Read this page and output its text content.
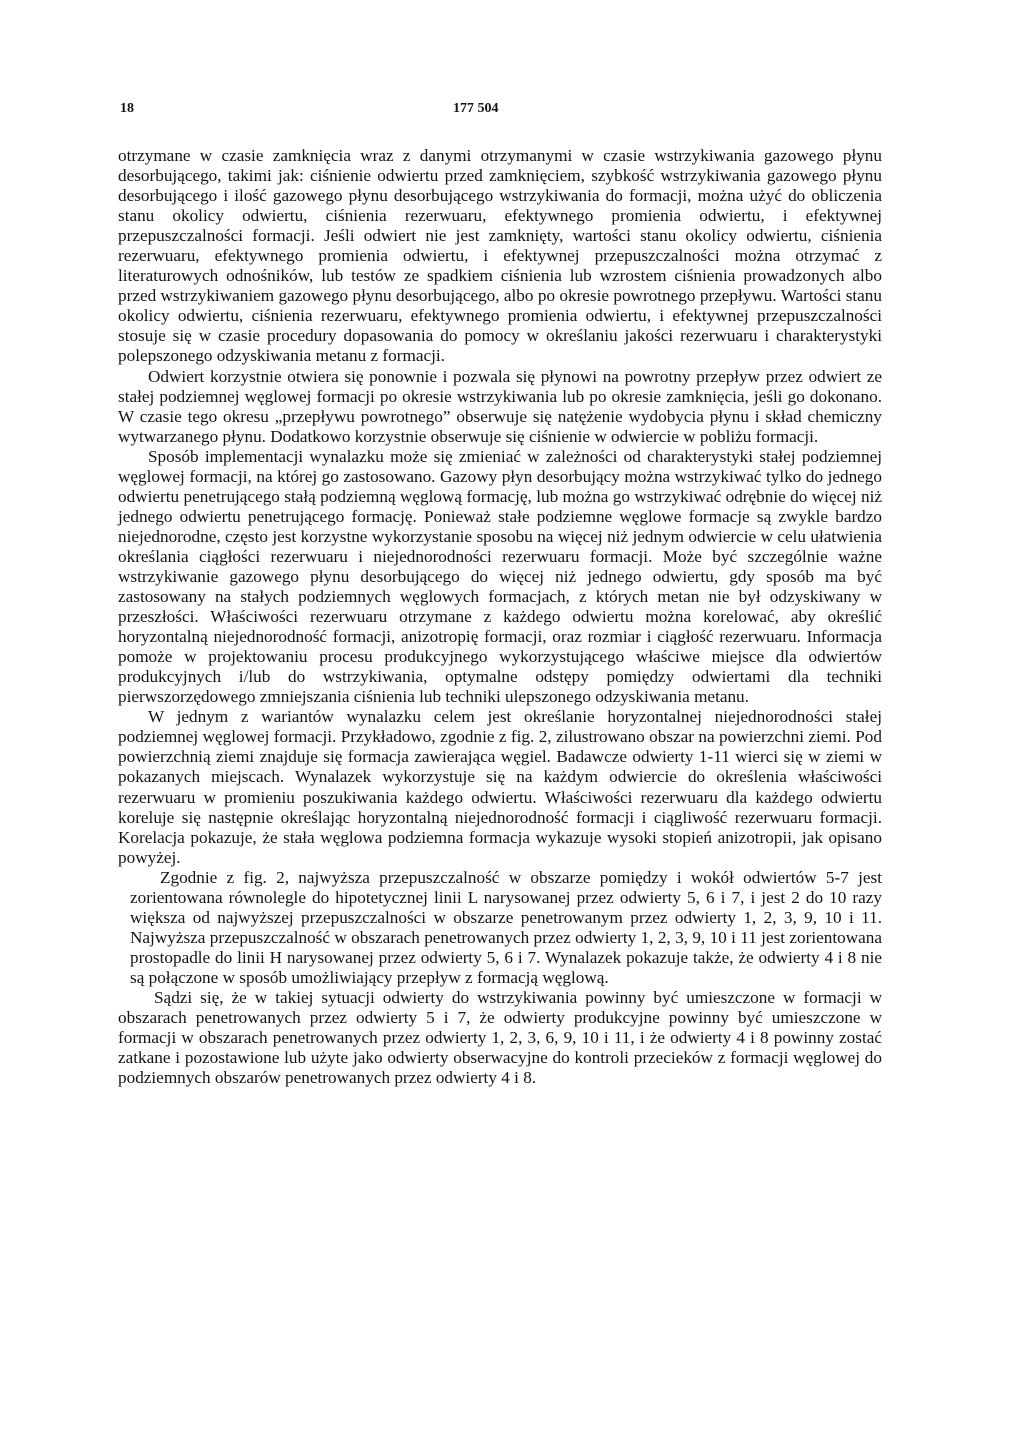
18	177 504

otrzymane w czasie zamknięcia wraz z danymi otrzymanymi w czasie wstrzykiwania gazowego płynu desorbującego, takimi jak: ciśnienie odwiertu przed zamknięciem, szybkość wstrzykiwania gazowego płynu desorbującego i ilość gazowego płynu desorbującego wstrzykiwania do formacji, można użyć do obliczenia stanu okolicy odwiertu, ciśnienia rezerwuaru, efektywnego promienia odwiertu, i efektywnej przepuszczalności formacji. Jeśli odwiert nie jest zamknięty, wartości stanu okolicy odwiertu, ciśnienia rezerwuaru, efektywnego promienia odwiertu, i efektywnej przepuszczalności można otrzymać z literaturowych odnośników, lub testów ze spadkiem ciśnienia lub wzrostem ciśnienia prowadzonych albo przed wstrzykiwaniem gazowego płynu desorbującego, albo po okresie powrotnego przepływu. Wartości stanu okolicy odwiertu, ciśnienia rezerwuaru, efektywnego promienia odwiertu, i efektywnej przepuszczalności stosuje się w czasie procedury dopasowania do pomocy w określaniu jakości rezerwuaru i charakterystyki polepszonego odzyskiwania metanu z formacji.

Odwiert korzystnie otwiera się ponownie i pozwala się płynowi na powrotny przepływ przez odwiert ze stałej podziemnej węglowej formacji po okresie wstrzykiwania lub po okresie zamknięcia, jeśli go dokonano. W czasie tego okresu „przepływu powrotnego” obserwuje się natężenie wydobycia płynu i skład chemiczny wytwarzanego płynu. Dodatkowo korzystnie obserwuje się ciśnienie w odwiercie w pobliżu formacji.

Sposób implementacji wynalazku może się zmieniać w zależności od charakterystyki stałej podziemnej węglowej formacji, na której go zastosowano. Gazowy płyn desorbujący można wstrzykiwać tylko do jednego odwiertu penetrującego stałą podziemną węglową formację, lub można go wstrzykiwać odrębnie do więcej niż jednego odwiertu penetrującego formację. Ponieważ stałe podziemne węglowe formacje są zwykle bardzo niejednorodne, często jest korzystne wykorzystanie sposobu na więcej niż jednym odwiercie w celu ułatwienia określania ciągłości rezerwuaru i niejednorodności rezerwuaru formacji. Może być szczególnie ważne wstrzykiwanie gazowego płynu desorbującego do więcej niż jednego odwiertu, gdy sposób ma być zastosowany na stałych podziemnych węglowych formacjach, z których metan nie był odzyskiwany w przeszłości. Właściwości rezerwuaru otrzymane z każdego odwiertu można korelować, aby określić horyzontalną niejednorodność formacji, anizotropię formacji, oraz rozmiar i ciągłość rezerwuaru. Informacja pomoże w projektowaniu procesu produkcyjnego wykorzystującego właściwe miejsce dla odwiertów produkcyjnych i/lub do wstrzykiwania, optymalne odstępy pomiędzy odwiertami dla techniki pierwszorzędowego zmniejszania ciśnienia lub techniki ulepszonego odzyskiwania metanu.

W jednym z wariantów wynalazku celem jest określanie horyzontalnej niejednorodności stałej podziemnej węglowej formacji. Przykładowo, zgodnie z fig. 2, zilustrowano obszar na powierzchni ziemi. Pod powierzchnią ziemi znajduje się formacja zawierająca węgiel. Badawcze odwierty 1-11 wierci się w ziemi w pokazanych miejscach. Wynalazek wykorzystuje się na każdym odwiercie do określenia właściwości rezerwuaru w promieniu poszukiwania każdego odwiertu. Właściwości rezerwuaru dla każdego odwiertu koreluje się następnie określając horyzontalną niejednorodność formacji i ciągliwość rezerwuaru formacji. Korelacja pokazuje, że stała węglowa podziemna formacja wykazuje wysoki stopień anizotropii, jak opisano powyżej.

Zgodnie z fig. 2, najwyższa przepuszczalność w obszarze pomiędzy i wokół odwiertów 5-7 jest zorientowana równolegle do hipotetycznej linii L narysowanej przez odwierty 5, 6 i 7, i jest 2 do 10 razy większa od najwyższej przepuszczalności w obszarze penetrowanym przez odwierty 1, 2, 3, 9, 10 i 11. Najwyższa przepuszczalność w obszarach penetrowanych przez odwierty 1, 2, 3, 9, 10 i 11 jest zorientowana prostopadle do linii H narysowanej przez odwierty 5, 6 i 7. Wynalazek pokazuje także, że odwierty 4 i 8 nie są połączone w sposób umożliwiający przepływ z formacją węglową.

Sądzi się, że w takiej sytuacji odwierty do wstrzykiwania powinny być umieszczone w formacji w obszarach penetrowanych przez odwierty 5 i 7, że odwierty produkcyjne powinny być umieszczone w formacji w obszarach penetrowanych przez odwierty 1, 2, 3, 6, 9, 10 i 11, i że odwierty 4 i 8 powinny zostać zatkane i pozostawione lub użyte jako odwierty obserwacyjne do kontroli przecieków z formacji węglowej do podziemnych obszarów penetrowanych przez odwierty 4 i 8.
